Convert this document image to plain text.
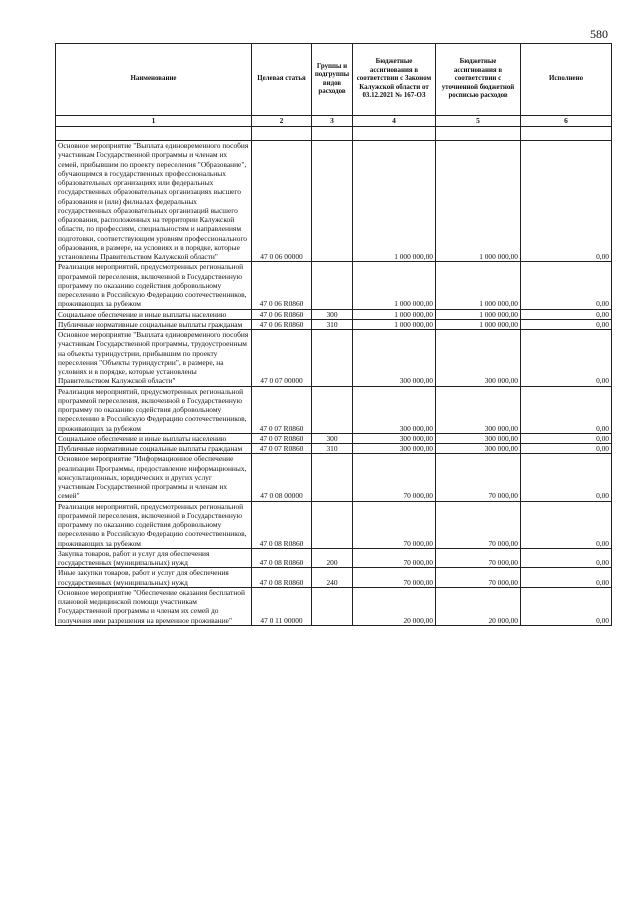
580
Наименование	Целевая статья	Группы и подгруппы видов расходов	Бюджетные ассигнования в соответствии с Законом Калужской области от 03.12.2021 № 167-ОЗ	Бюджетные ассигнования в соответствии с уточненной бюджетной росписью расходов	Исполнено
1	2	3	4	5	6

Основное мероприятие "Выплата единовременного пособия участникам Государственной программы и членам их семей, прибывшим по проекту переселения "Образование", обучающимся в государственных профессиональных образовательных организациях или федеральных государственных образовательных организациях высшего образования и (или) филиалах федеральных государственных образовательных организаций высшего образования, расположенных на территории Калужской области, по профессиям, специальностям и направлениям подготовки, соответствующим уровням профессионального образования, в размере, на условиях и в порядке, которые установлены Правительством Калужской области"	47 0 06 00000		1 000 000,00	1 000 000,00	0,00
Реализация мероприятий, предусмотренных региональной программой переселения, включенной в Государственную программу по оказанию содействия добровольному переселению в Российскую Федерацию соотечественников, проживающих за рубежом	47 0 06 R0860		1 000 000,00	1 000 000,00	0,00
Социальное обеспечение и иные выплаты населению	47 0 06 R0860	300	1 000 000,00	1 000 000,00	0,00
Публичные нормативные социальные выплаты гражданам	47 0 06 R0860	310	1 000 000,00	1 000 000,00	0,00
Основное мероприятие "Выплата единовременного пособия участникам Государственной программы, трудоустроенным на объекты туриндустрии, прибывшим по проекту переселения "Объекты туриндустрии", в размере, на условиях и в порядке, которые установлены Правительством Калужской области"	47 0 07 00000		300 000,00	300 000,00	0,00
Реализация мероприятий, предусмотренных региональной программой переселения, включенной в Государственную программу по оказанию содействия добровольному переселению в Российскую Федерацию соотечественников, проживающих за рубежом	47 0 07 R0860		300 000,00	300 000,00	0,00
Социальное обеспечение и иные выплаты населению	47 0 07 R0860	300	300 000,00	300 000,00	0,00
Публичные нормативные социальные выплаты гражданам	47 0 07 R0860	310	300 000,00	300 000,00	0,00
Основное мероприятие "Информационное обеспечение реализации Программы, предоставление информационных, консультационных, юридических и других услуг участникам Государственной программы и членам их семей"	47 0 08 00000		70 000,00	70 000,00	0,00
Реализация мероприятий, предусмотренных региональной программой переселения, включенной в Государственную программу по оказанию содействия добровольному переселению в Российскую Федерацию соотечественников, проживающих за рубежом	47 0 08 R0860		70 000,00	70 000,00	0,00
Закупка товаров, работ и услуг для обеспечения государственных (муниципальных) нужд	47 0 08 R0860	200	70 000,00	70 000,00	0,00
Иные закупки товаров, работ и услуг для обеспечения государственных (муниципальных) нужд	47 0 08 R0860	240	70 000,00	70 000,00	0,00
Основное мероприятие "Обеспечение оказания бесплатной плановой медицинской помощи участникам Государственной программы и членам их семей до получения ими разрешения на временное проживание"	47 0 11 00000		20 000,00	20 000,00	0,00
